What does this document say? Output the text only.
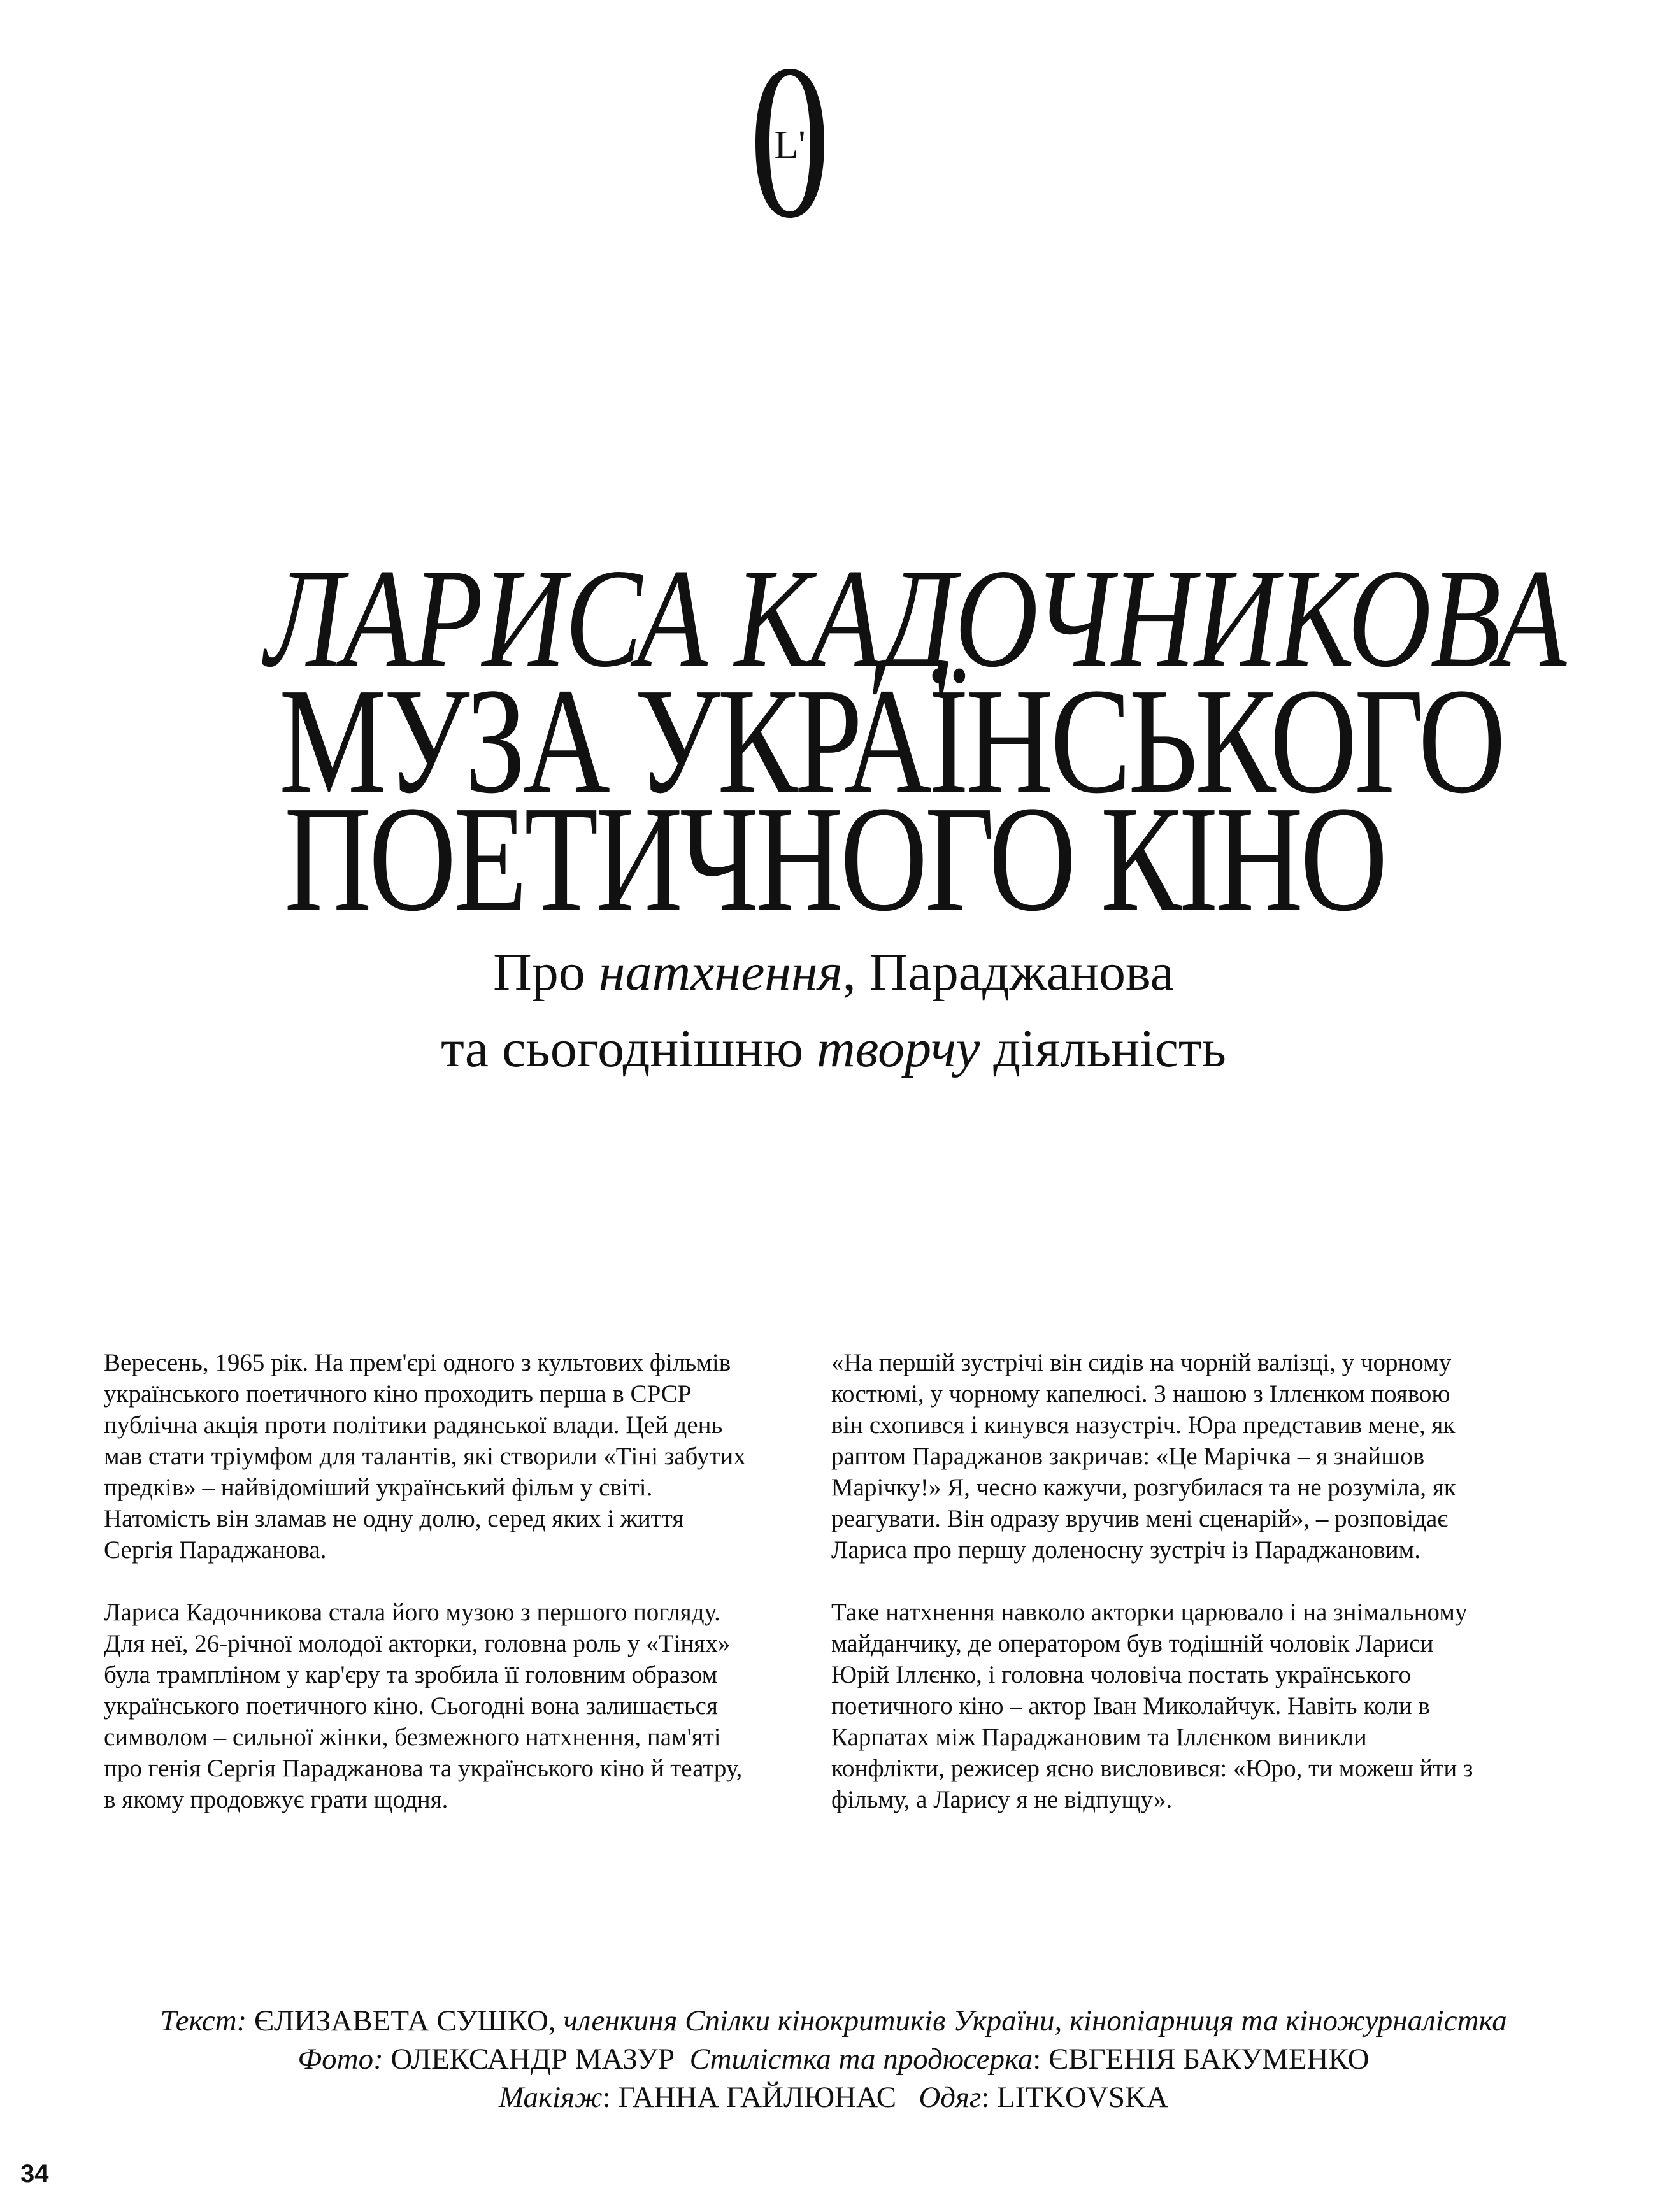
L'
ЛАРИСА КАДОЧНИКОВА
МУЗА УКРАЇНСЬКОГО
ПОЕТИЧНОГО КІНО

Про натхнення, Параджанова

та сьогоднішню творчу діяльність

Вересень, 1965 рік. На прем'єрі одного з культових фільмів українського поетичного кіно проходить перша в СРСР публічна акція проти політики радянської влади. Цей день мав стати тріумфом для талантів, які створили «Тіні забутих предків» – найвідоміший український фільм у світі. Натомість він зламав не одну долю, серед яких і життя Сергія Параджанова.

Лариса Кадочникова стала його музою з першого погляду. Для неї, 26-річної молодої акторки, головна роль у «Тінях» була трампліном у кар'єру та зробила її головним образом українського поетичного кіно. Сьогодні вона залишається символом – сильної жінки, безмежного натхнення, пам'яті про генія Сергія Параджанова та українського кіно й театру, в якому продовжує грати щодня.

«На першій зустрічі він сидів на чорній валізці, у чорному костюмі, у чорному капелюсі. З нашою з Іллєнком появою він схопився і кинувся назустріч. Юра представив мене, як раптом Параджанов закричав: «Це Марічка – я знайшов Марічку!» Я, чесно кажучи, розгубилася та не розуміла, як реагувати. Він одразу вручив мені сценарій», – розповідає Лариса про першу доленосну зустріч із Параджановим.

Таке натхнення навколо акторки царювало і на знімальному майданчику, де оператором був тодішній чоловік Лариси Юрій Іллєнко, і головна чоловіча постать українського поетичного кіно – актор Іван Миколайчук. Навіть коли в Карпатах між Параджановим та Іллєнком виникли конфлікти, режисер ясно висловився: «Юро, ти можеш йти з фільму, а Ларису я не відпущу».

Текст: ЄЛИЗАВЕТА СУШКО, членкиня Спілки кінокритиків України, кінопіарниця та кіножурналістка

Фото: ОЛЕКСАНДР МАЗУР Стилістка та продюсерка: ЄВГЕНІЯ БАКУМЕНКО

Макіяж: ГАННА ГАЙЛЮНАС Одяг: LITKOVSKA

34
